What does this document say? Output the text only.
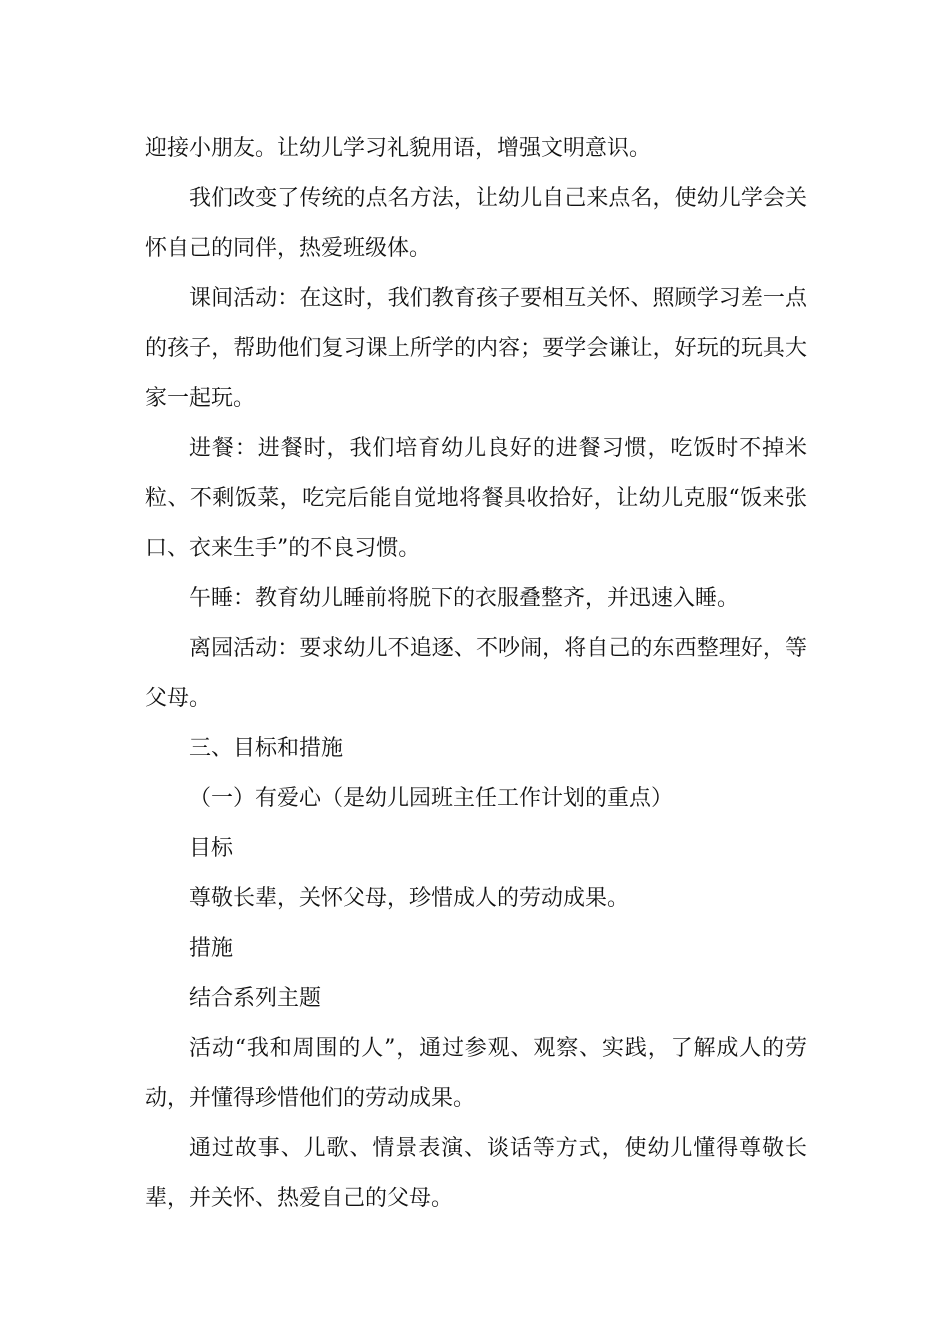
迎接小朋友。让幼儿学习礼貌用语，增强文明意识。

我们改变了传统的点名方法，让幼儿自己来点名，使幼儿学会关怀自己的同伴，热爱班级体。

课间活动：在这时，我们教育孩子要相互关怀、照顾学习差一点的孩子，帮助他们复习课上所学的内容；要学会谦让，好玩的玩具大家一起玩。

进餐：进餐时，我们培育幼儿良好的进餐习惯，吃饭时不掉米粒、不剩饭菜，吃完后能自觉地将餐具收拾好，让幼儿克服“饭来张口、衣来生手”的不良习惯。

午睡：教育幼儿睡前将脱下的衣服叠整齐，并迅速入睡。

离园活动：要求幼儿不追逐、不吵闹，将自己的东西整理好，等父母。

三、目标和措施

（一）有爱心（是幼儿园班主任工作计划的重点）

目标

尊敬长辈，关怀父母，珍惜成人的劳动成果。

措施

结合系列主题

活动“我和周围的人”，通过参观、观察、实践，了解成人的劳动，并懂得珍惜他们的劳动成果。

通过故事、儿歌、情景表演、谈话等方式，使幼儿懂得尊敬长辈，并关怀、热爱自己的父母。
